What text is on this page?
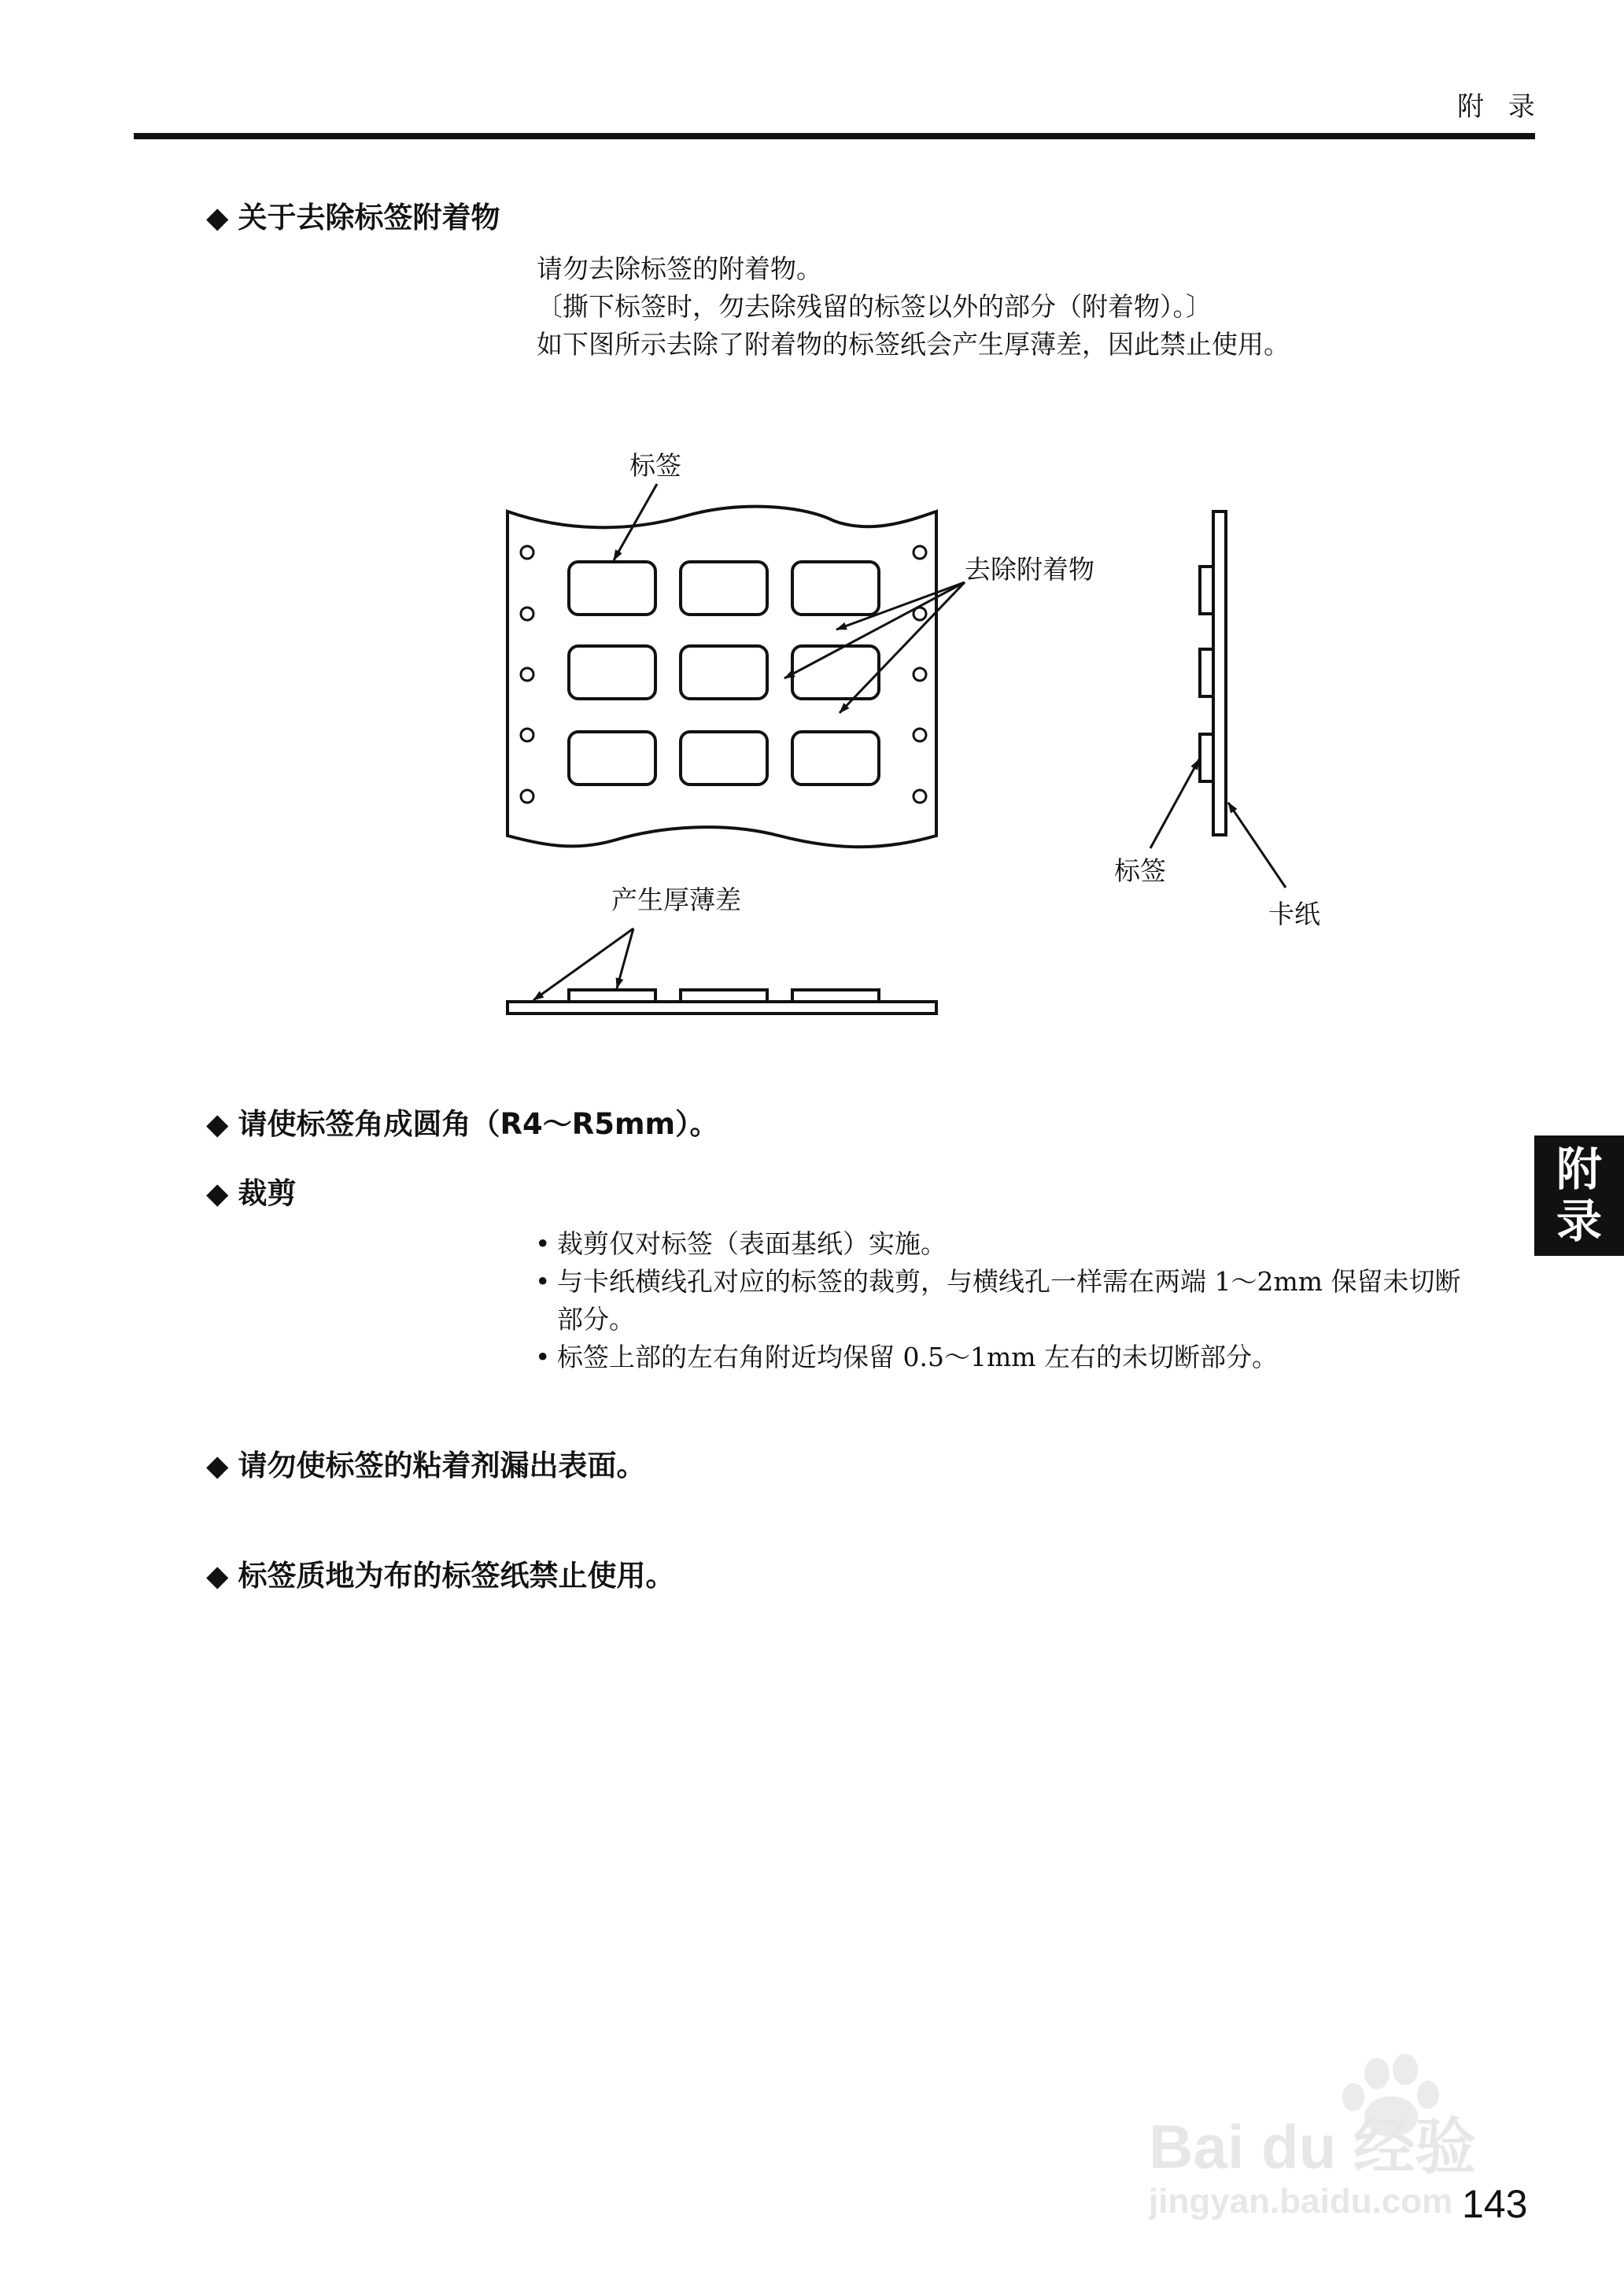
附 录
◆ 关于去除标签附着物
请勿去除标签的附着物。
〔撕下标签时，勿去除残留的标签以外的部分（附着物）。〕
如下图所示去除了附着物的标签纸会产生厚薄差，因此禁止使用。
标签
去除附着物
产生厚薄差
标签
卡纸
◆ 请使标签角成圆角（R4～R5mm）。
◆ 裁剪
• 裁剪仅对标签（表面基纸）实施。
• 与卡纸横线孔对应的标签的裁剪，与横线孔一样需在两端 1～2mm 保留未切断部分。
• 标签上部的左右角附近均保留 0.5～1mm 左右的未切断部分。
◆ 请勿使标签的粘着剂漏出表面。
◆ 标签质地为布的标签纸禁止使用。
附
录
Bai du 经验
jingyan.baidu.com 143
